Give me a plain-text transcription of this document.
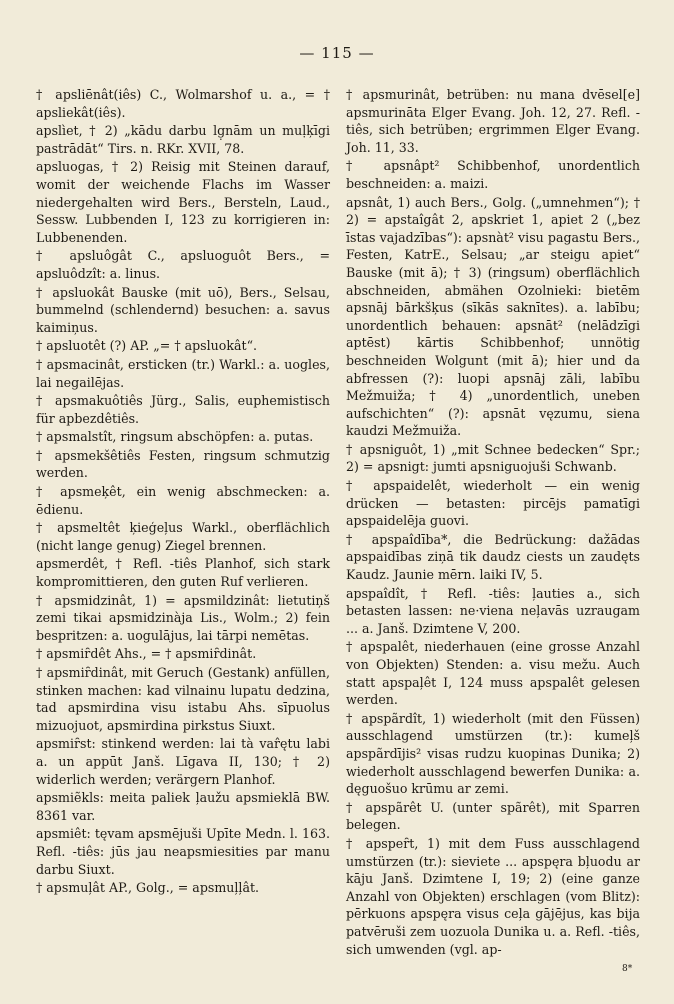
— 115 —
† apsliēnât(iês) C., Wolmarshof u. a., = † apsliekât(iês).
apslìet, † 2) „kādu darbu lg̣nām un muḷķīgi pastrādāt“ Tirs. n. RKr. XVII, 78.
apsluogas, † 2) Reisig mit Steinen darauf, womit der weichende Flachs im Wasser niedergehalten wird Bers., Bersteln, Laud., Sessw. Lubbenden I, 123 zu korrigieren in: Lubbenenden.
† apsluôgât C., apsluoguôt Bers., = apsluôdzît: a. linus.
† apsluokât Bauske (mit uō), Bers., Selsau, bummelnd (schlendernd) besuchen: a. savus kaimiņus.
† apsluotêt (?) AP. „= † apsluokât“.
† apsmacinât, ersticken (tr.) Warkl.: a. uogles, lai negailējas.
† apsmakuôtiês Jürg., Salis, euphemistisch für apbezdêtiês.
† apsmalstît, ringsum abschöpfen: a. putas.
† apsmekšêtiês Festen, ringsum schmutzig werden.
† apsmeķêt, ein wenig abschmecken: a. ēdienu.
† apsmeltêt ķieģeļus Warkl., oberflächlich (nicht lange genug) Ziegel brennen.
apsmerdêt, † Refl. -tiês Planhof, sich stark kompromittieren, den guten Ruf verlieren.
† apsmidzinât, 1) = apsmildzinât: lietutiņš zemi tikai apsmidzinàja Lis., Wolm.; 2) fein bespritzen: a. uogulājus, lai tārpi nemētas.
† apsmiȓdêt Ahs., = † apsmiȓdinât.
† apsmiȓdinât, mit Geruch (Gestank) anfüllen, stinken machen: kad vilnainu lupatu dedzina, tad apsmirdina visu istabu Ahs. sīpuolus mizuojuot, apsmirdina pirkstus Siuxt.
apsmiȓst: stinkend werden: lai tà var̂ętu labi a. un appūt Janš. Līgava II, 130; † 2) widerlich werden; verärgern Planhof.
apsmiẽkls: meita paliek ļaužu apsmieklā BW. 8361 var.
apsmiêt: tęvam apsmējuši Upīte Medn. l. 163. Refl. -tiês: jūs jau neapsmiesities par manu darbu Siuxt.
† apsmuļât AP., Golg., = apsmuļļât.
† apsmurinât, betrüben: nu mana dvēsel[e] apsmurināta Elger Evang. Joh. 12, 27. Refl. -tiês, sich betrüben; ergrimmen Elger Evang. Joh. 11, 33.
† apsnâpt² Schibbenhof, unordentlich beschneiden: a. maizi.
apsnât, 1) auch Bers., Golg. („umnehmen“); † 2) = apstaîgât 2, apskriet 1, apiet 2 („bez īstas vajadzības“): apsnàt² visu pagastu Bers., Festen, KatrE., Selsau; „ar steigu apiet“ Bauske (mit ā); † 3) (ringsum) oberflächlich abschneiden, abmähen Ozolnieki: bietēm apsnāj bārkšķus (sīkās saknītes). a. labību; unordentlich behauen: apsnāt² (nelādzīgi aptēst) kārtis Schibbenhof; unnötig beschneiden Wolgunt (mit ā); hier und da abfressen (?): luopi apsnāj zāli, labību Mežmuiža; † 4) „unordentlich, uneben aufschichten“ (?): apsnāt vęzumu, siena kaudzi Mežmuiža.
† apsniguôt, 1) „mit Schnee bedecken“ Spr.; 2) = apsnigt: jumti apsniguojuši Schwanb.
† apspaidelêt, wiederholt — ein wenig drücken — betasten: pircējs pamatīgi apspaidelēja guovi.
† apspaîdība*, die Bedrückung: dažādas apspaidības ziņā tik daudz ciests un zaudęts Kaudz. Jaunie mērn. laiki IV, 5.
apspaîdît, † Refl. -tiês: ļauties a., sich betasten lassen: ne·viena neļavās uzraugam ... a. Janš. Dzimtene V, 200.
† apspalêt, niederhauen (eine grosse Anzahl von Objekten) Stenden: a. visu mežu. Auch statt apspaļêt I, 124 muss apspalêt gelesen werden.
† apspãrdît, 1) wiederholt (mit den Füssen) ausschlagend umstürzen (tr.): kumeļš apspãrdījis² visas rudzu kuopinas Dunika; 2) wiederholt ausschlagend bewerfen Dunika: a. dęguošuo krūmu ar zemi.
† apspãrêt U. (unter spãrêt), mit Sparren belegen.
† apspeȓt, 1) mit dem Fuss ausschlagend umstürzen (tr.): sieviete ... apspęra bļuodu ar kāju Janš. Dzimtene I, 19; 2) (eine ganze Anzahl von Objekten) erschlagen (vom Blitz): pērkuons apspęra visus ceļa gājējus, kas bija patvēruši zem uozuola Dunika u. a. Refl. -tiês, sich umwenden (vgl. ap-
8*
